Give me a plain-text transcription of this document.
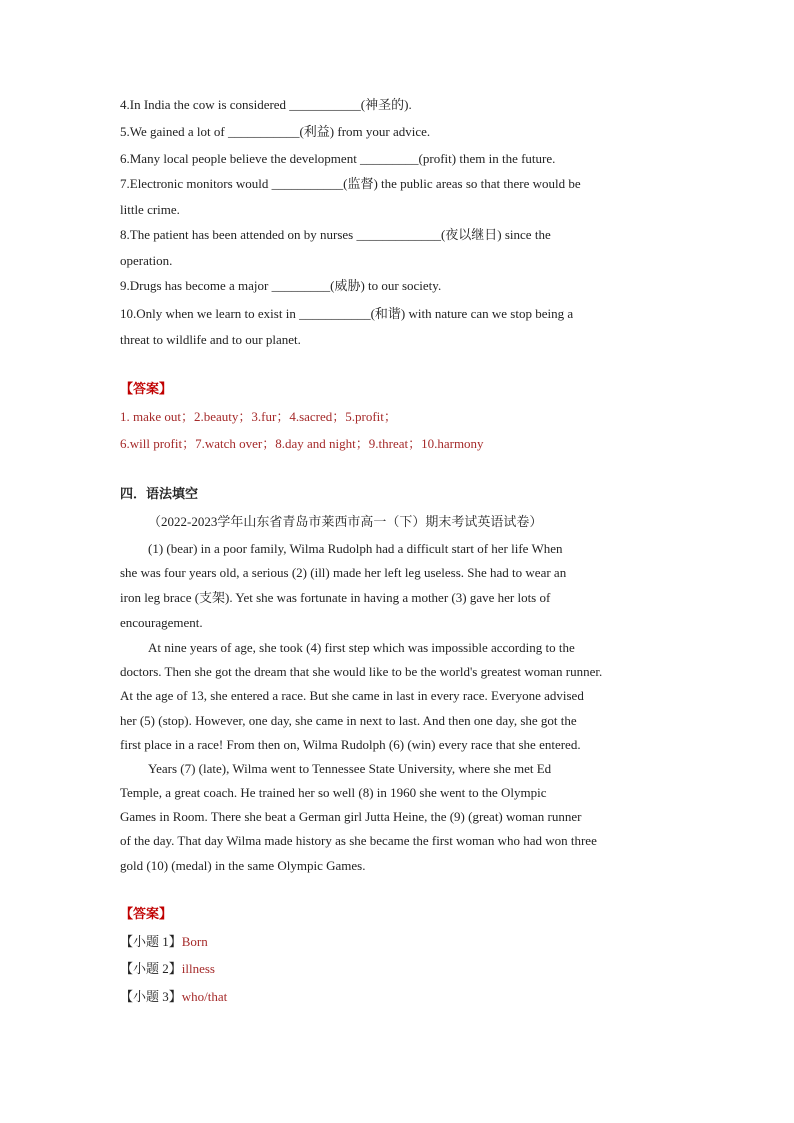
4.In India the cow is considered ___________(神圣的).
5.We gained a lot of ___________(利益) from your advice.
6.Many local people believe the development _________(profit) them in the future.
7.Electronic monitors would ___________(监督) the public areas so that there would be
little crime.
8.The patient has been attended on by nurses _____________(夜以继日) since the
operation.
9.Drugs has become a major _________(威胁) to our society.
10.Only when we learn to exist in ___________(和谐) with nature can we stop being a
threat to wildlife and to our planet.
【答案】
1. make out；2.beauty；3.fur；4.sacred；5.profit；
6.will profit；7.watch over；8.day and night；9.threat；10.harmony
四．语法填空
（2022-2023学年山东省青岛市莱西市高一（下）期末考试英语试卷）
(1) (bear) in a poor family, Wilma Rudolph had a difficult start of her life When
she was four years old, a serious (2) (ill) made her left leg useless. She had to wear an
iron leg brace (支架). Yet she was fortunate in having a mother (3) gave her lots of
encouragement.
At nine years of age, she took (4) first step which was impossible according to the
doctors. Then she got the dream that she would like to be the world's greatest woman runner.
At the age of 13, she entered a race. But she came in last in every race. Everyone advised
her (5) (stop). However, one day, she came in next to last. And then one day, she got the
first place in a race! From then on, Wilma Rudolph (6) (win) every race that she entered.
Years (7) (late), Wilma went to Tennessee State University, where she met Ed
Temple, a great coach. He trained her so well (8) in 1960 she went to the Olympic
Games in Room. There she beat a German girl Jutta Heine, the (9) (great) woman runner
of the day. That day Wilma made history as she became the first woman who had won three
gold (10) (medal) in the same Olympic Games.
【答案】
【小题 1】Born
【小题 2】illness
【小题 3】who/that
